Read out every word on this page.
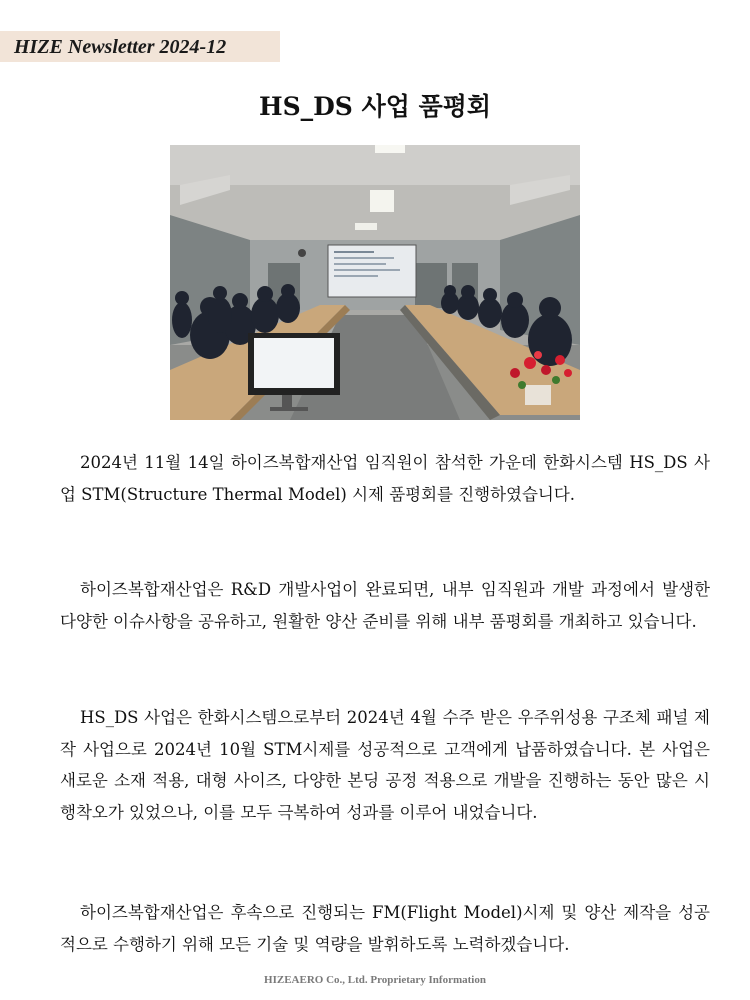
HIZE Newsletter 2024-12
HS_DS 사업 품평회

2024년 11월 14일 하이즈복합재산업 임직원이 참석한 가운데 한화시스템 HS_DS 사업 STM(Structure Thermal Model) 시제 품평회를 진행하였습니다.

하이즈복합재산업은 R&D 개발사업이 완료되면, 내부 임직원과 개발 과정에서 발생한 다양한 이슈사항을 공유하고, 원활한 양산 준비를 위해 내부 품평회를 개최하고 있습니다.

HS_DS 사업은 한화시스템으로부터 2024년 4월 수주 받은 우주위성용 구조체 패널 제작 사업으로 2024년 10월 STM시제를 성공적으로 고객에게 납품하였습니다. 본 사업은 새로운 소재 적용, 대형 사이즈, 다양한 본딩 공정 적용으로 개발을 진행하는 동안 많은 시행착오가 있었으나, 이를 모두 극복하여 성과를 이루어 내었습니다.

하이즈복합재산업은 후속으로 진행되는 FM(Flight Model)시제 및 양산 제작을 성공적으로 수행하기 위해 모든 기술 및 역량을 발휘하도록 노력하겠습니다.

HIZEAERO Co., Ltd. Proprietary Information
